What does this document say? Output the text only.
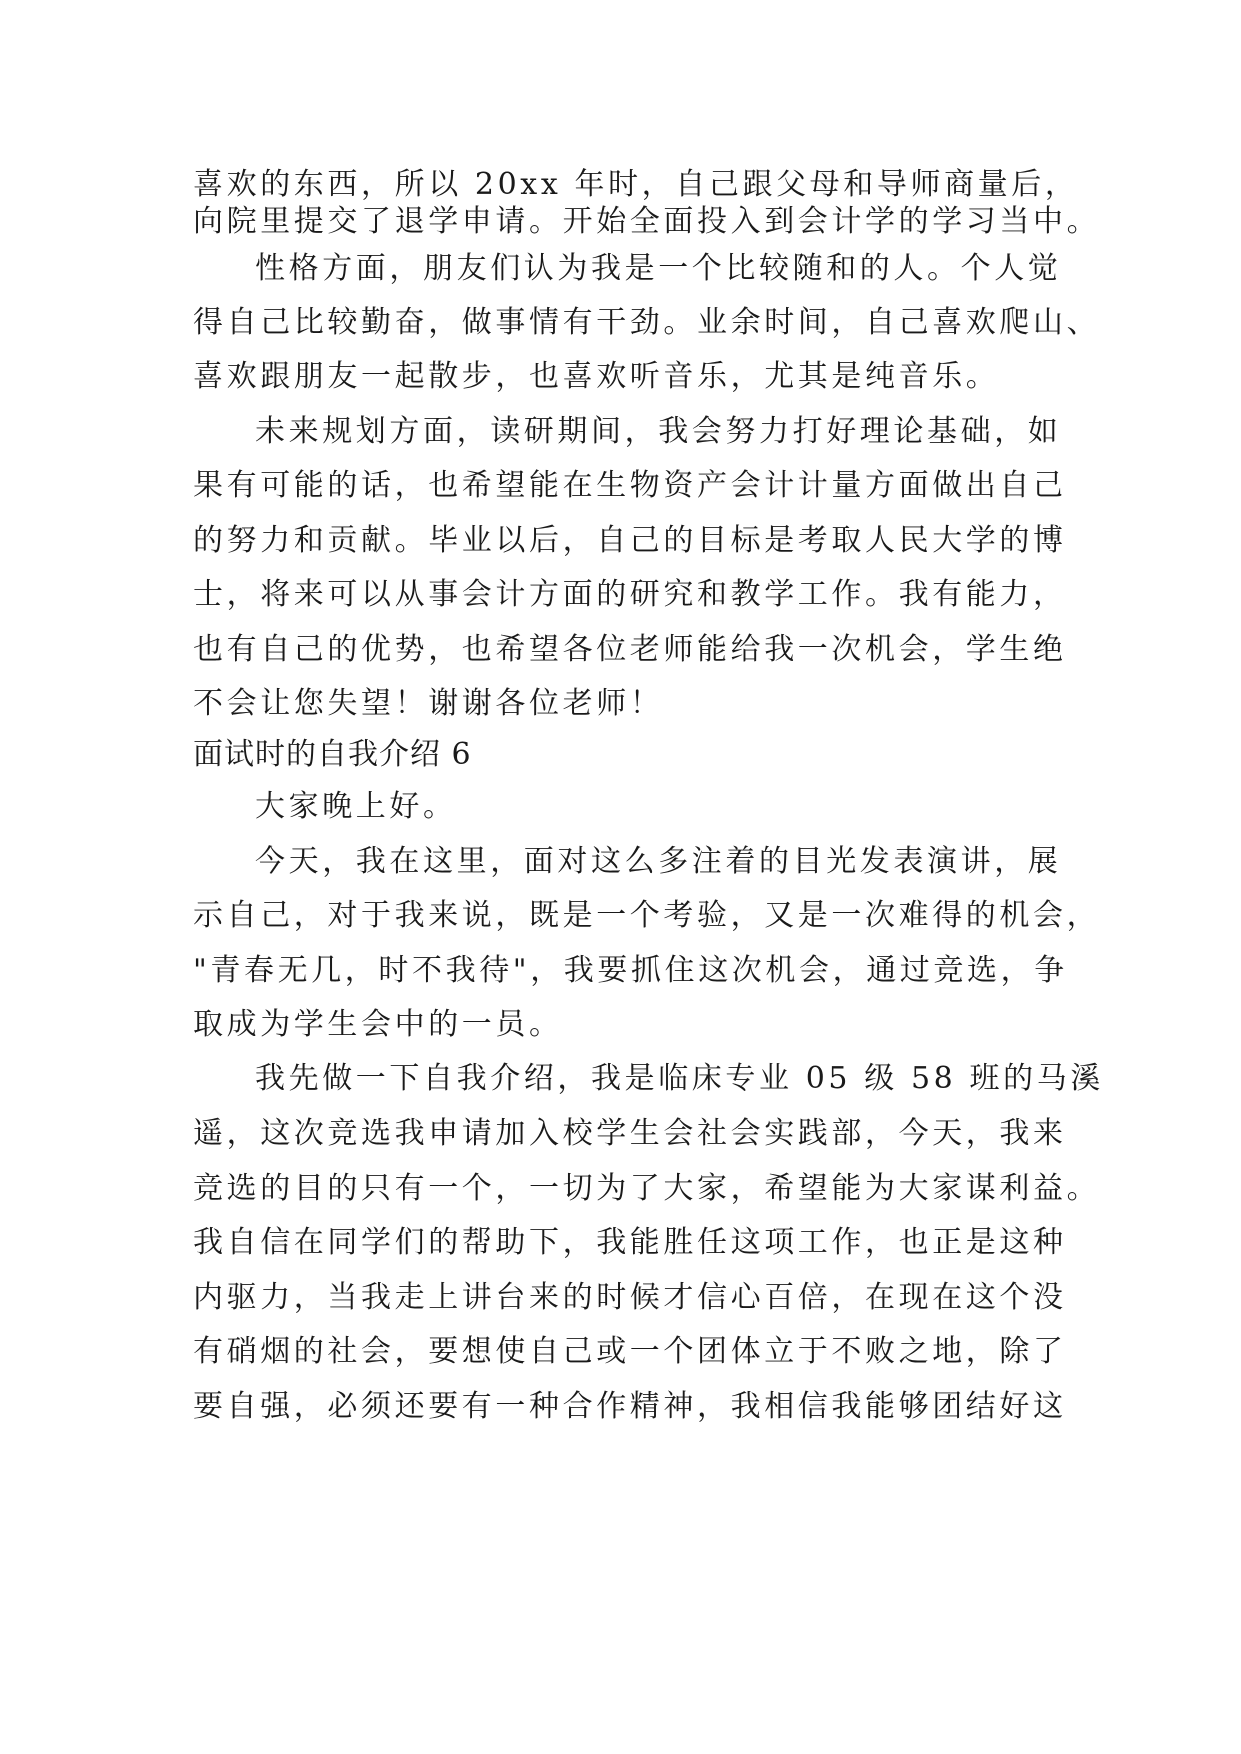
喜欢的东西，所以 20xx 年时，自己跟父母和导师商量后，
向院里提交了退学申请。开始全面投入到会计学的学习当中。
性格方面，朋友们认为我是一个比较随和的人。个人觉
得自己比较勤奋，做事情有干劲。业余时间，自己喜欢爬山、
喜欢跟朋友一起散步，也喜欢听音乐，尤其是纯音乐。
未来规划方面，读研期间，我会努力打好理论基础，如
果有可能的话，也希望能在生物资产会计计量方面做出自己
的努力和贡献。毕业以后，自己的目标是考取人民大学的博
士，将来可以从事会计方面的研究和教学工作。我有能力，
也有自己的优势，也希望各位老师能给我一次机会，学生绝
不会让您失望！谢谢各位老师！
面试时的自我介绍 6
大家晚上好。
今天，我在这里，面对这么多注着的目光发表演讲，展
示自己，对于我来说，既是一个考验，又是一次难得的机会，
"青春无几，时不我待"，我要抓住这次机会，通过竞选，争
取成为学生会中的一员。
我先做一下自我介绍，我是临床专业 05 级 58 班的马溪
遥，这次竞选我申请加入校学生会社会实践部，今天，我来
竞选的目的只有一个，一切为了大家，希望能为大家谋利益。
我自信在同学们的帮助下，我能胜任这项工作，也正是这种
内驱力，当我走上讲台来的时候才信心百倍，在现在这个没
有硝烟的社会，要想使自己或一个团体立于不败之地，除了
要自强，必须还要有一种合作精神，我相信我能够团结好这
